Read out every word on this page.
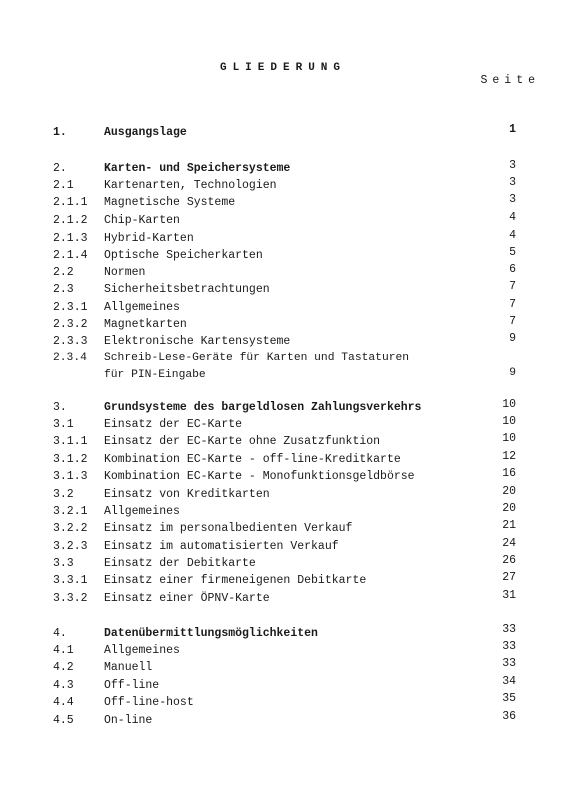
GLIEDERUNG
Seite
1.	Ausgangslage	1
2.	Karten- und Speichersysteme	3
2.1	Kartenarten, Technologien	3
2.1.1 Magnetische Systeme	3
2.1.2 Chip-Karten	4
2.1.3 Hybrid-Karten	4
2.1.4 Optische Speicherkarten	5
2.2	Normen	6
2.3	Sicherheitsbetrachtungen	7
2.3.1 Allgemeines	7
2.3.2 Magnetkarten	7
2.3.3 Elektronische Kartensysteme	9
2.3.4 Schreib-Lese-Geräte für Karten und Tastaturen
für PIN-Eingabe	9
3.	Grundsysteme des bargeldlosen Zahlungsverkehrs	10
3.1	Einsatz der EC-Karte	10
3.1.1 Einsatz der EC-Karte ohne Zusatzfunktion	10
3.1.2 Kombination EC-Karte - off-line-Kreditkarte	12
3.1.3 Kombination EC-Karte - Monofunktionsgeldbörse	16
3.2	Einsatz von Kreditkarten	20
3.2.1 Allgemeines	20
3.2.2 Einsatz im personalbedienten Verkauf	21
3.2.3 Einsatz im automatisierten Verkauf	24
3.3	Einsatz der Debitkarte	26
3.3.1 Einsatz einer firmeneigenen Debitkarte	27
3.3.2 Einsatz einer ÖPNV-Karte	31
4.	Datenübermittlungsmöglichkeiten	33
4.1	Allgemeines	33
4.2	Manuell	33
4.3	Off-line	34
4.4	Off-line-host	35
4.5	On-line	36
